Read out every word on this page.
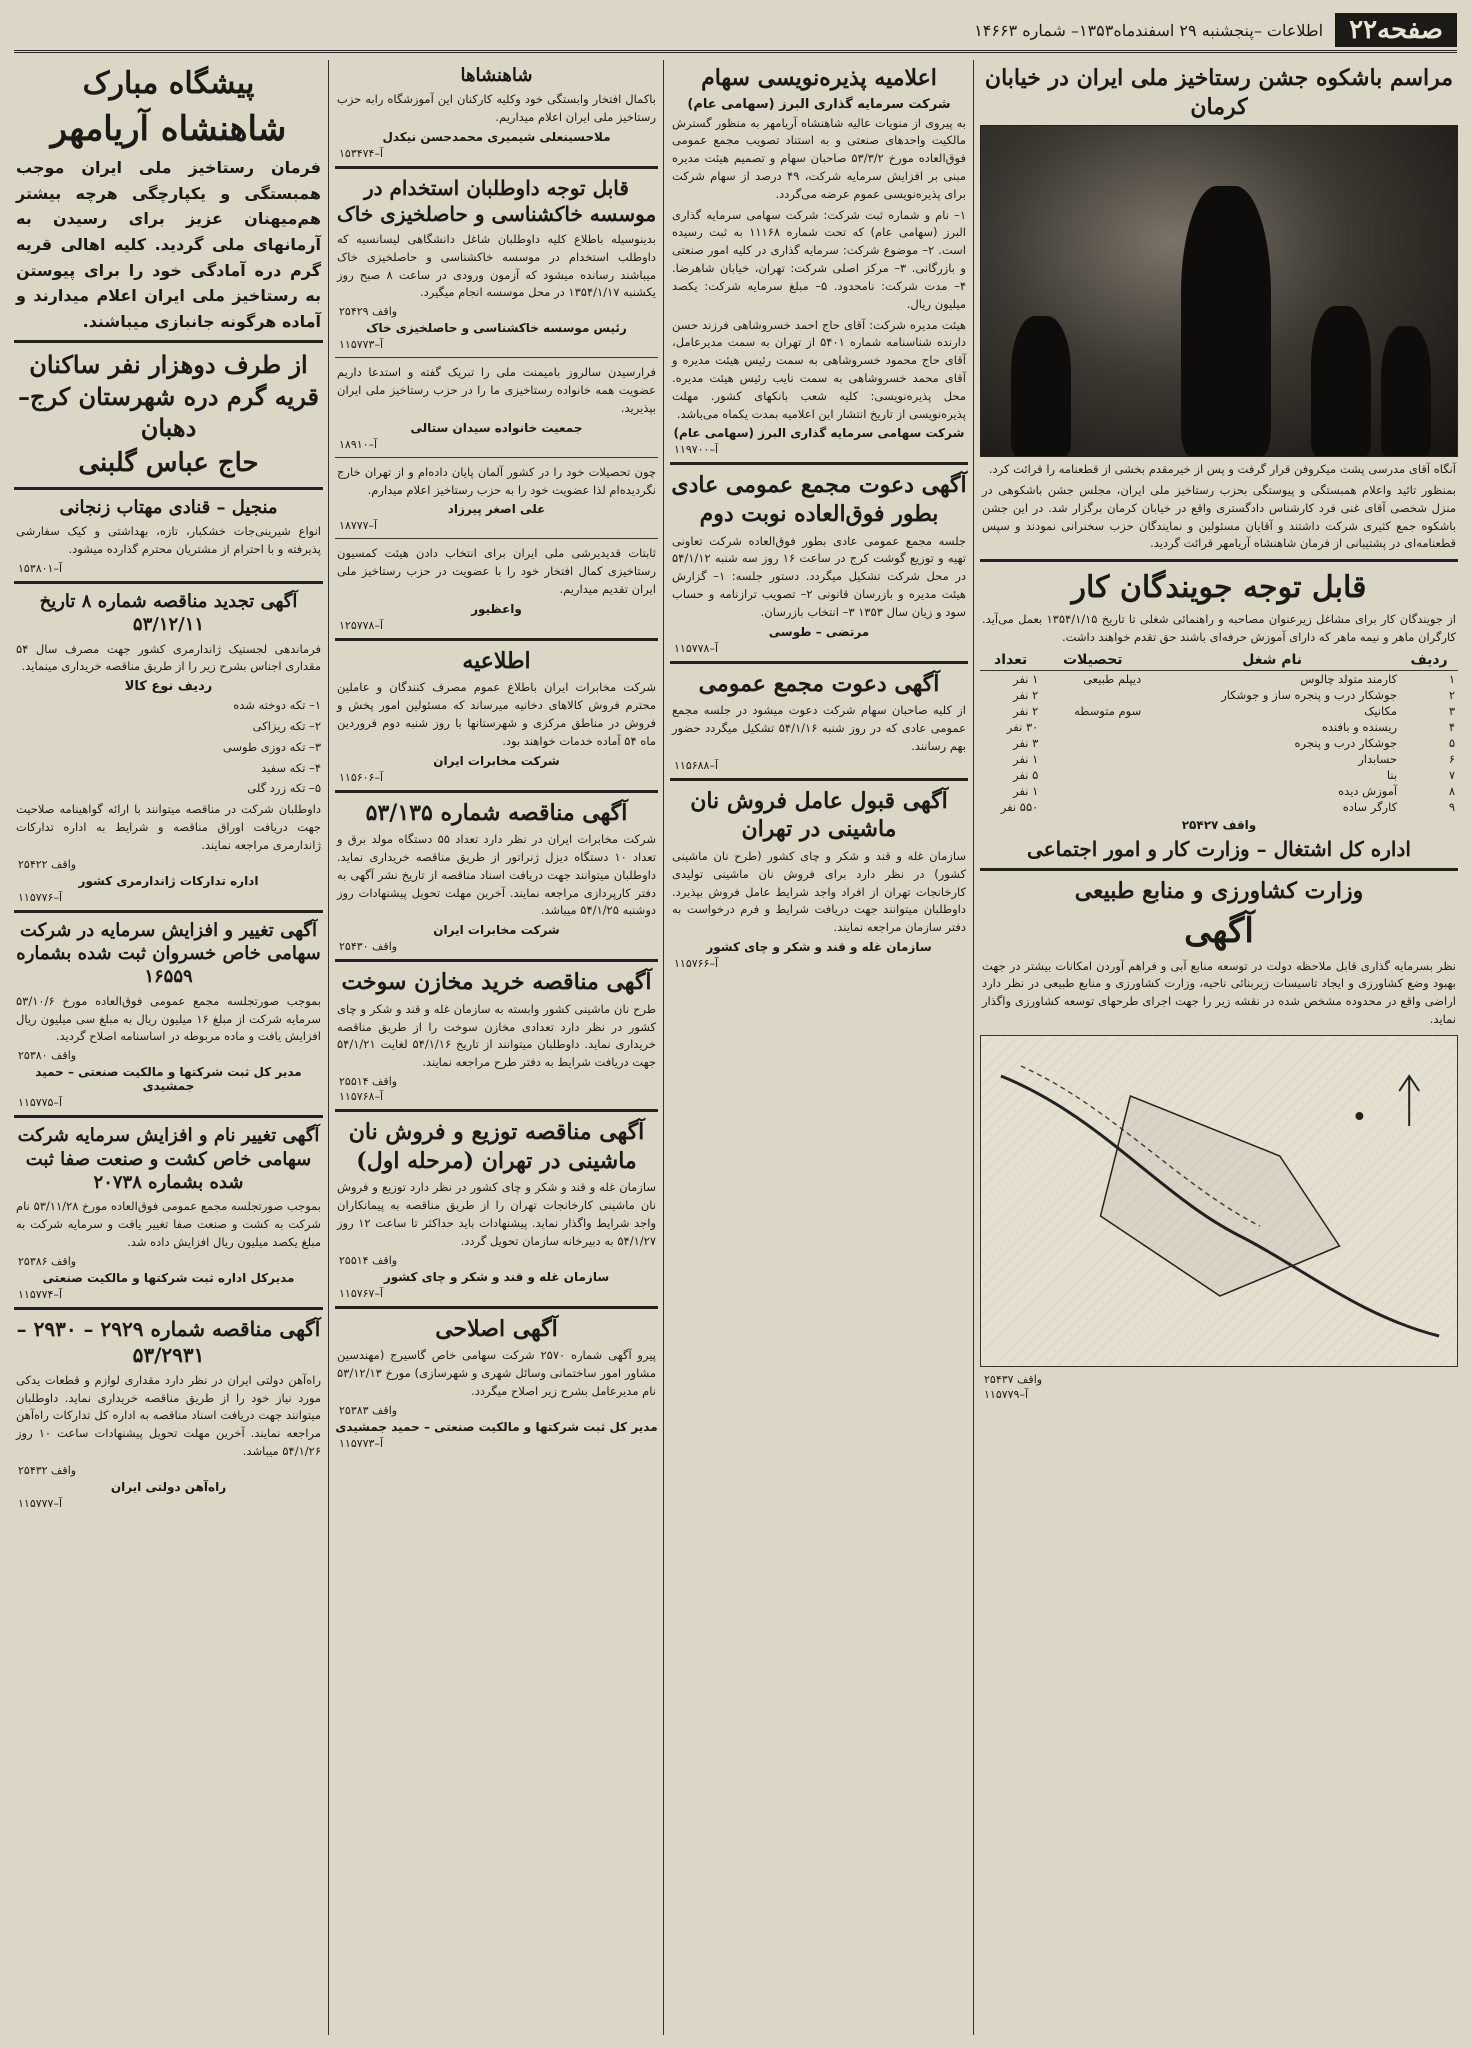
صفحه۲۲
اطلاعات –پنجشنبه ۲۹ اسفندماه۱۳۵۳– شماره ۱۴۶۶۳
مراسم باشکوه جشن رستاخیز ملی ایران در خیابان کرمان
آنگاه آقای مدرسی پشت میکروفن قرار گرفت و پس از خیرمقدم بخشی از قطعنامه را قرائت کرد.
بمنظور تائید واعلام همبستگی و پیوستگی بحزب رستاخیز ملی ایران، مجلس جشن باشکوهی در منزل شخصی آقای غنی فرد کارشناس دادگستری واقع در خیابان کرمان برگزار شد. در این جشن باشکوه جمع کثیری شرکت داشتند و آقایان مسئولین و نمایندگان حزب سخنرانی نمودند و سپس قطعنامه‌ای در پشتیبانی از فرمان شاهنشاه آریامهر قرائت گردید.
قابل توجه جویندگان کار
از جویندگان کار برای مشاغل زیرعنوان مصاحبه و راهنمائی شغلی تا تاریخ ۱۳۵۴/۱/۱۵ بعمل می‌آید. کارگران ماهر و نیمه ماهر که دارای آموزش حرفه‌ای باشند حق تقدم خواهند داشت.
ردیف	نام شغل	تحصیلات	تعداد
۱	کارمند متولد چالوس	دیپلم طبیعی	۱ نفر
۲	جوشکار درب و پنجره ساز و جوشکار		۲ نفر
۳	مکانیک	سوم متوسطه	۲ نفر
۴	ریسنده و بافنده		۳۰ نفر
۵	جوشکار درب و پنجره		۳ نفر
۶	حسابدار		۱ نفر
۷	بنا		۵ نفر
۸	آموزش دیده		۱ نفر
۹	کارگر ساده		۵۵۰ نفر
واقف ۲۵۴۲۷
اداره کل اشتغال – وزارت کار و امور اجتماعی
وزارت کشاورزی و منابع طبیعی
آگهی
نظر بسرمایه گذاری قابل ملاحظه دولت در توسعه منابع آبی و فراهم آوردن امکانات بیشتر در جهت بهبود وضع کشاورزی و ایجاد تاسیسات زیربنائی ناحیه، وزارت کشاورزی و منابع طبیعی در نظر دارد اراضی واقع در محدوده مشخص شده در نقشه زیر را جهت اجرای طرحهای توسعه کشاورزی واگذار نماید.
واقف ۲۵۴۳۷
آ–۱۱۵۷۷۹
اعلامیه پذیره‌نویسی سهام
شرکت سرمایه گذاری البرز (سهامی عام)
به پیروی از منویات عالیه شاهنشاه آریامهر به منظور گسترش مالکیت واحدهای صنعتی و به استناد تصویب مجمع عمومی فوق‌العاده مورخ ۵۳/۳/۲ صاحبان سهام و تصمیم هیئت مدیره مبنی بر افزایش سرمایه شرکت، ۴۹ درصد از سهام شرکت برای پذیره‌نویسی عموم عرضه می‌گردد.
۱– نام و شماره ثبت شرکت: شرکت سهامی سرمایه گذاری البرز (سهامی عام) که تحت شماره ۱۱۱۶۸ به ثبت رسیده است. ۲– موضوع شرکت: سرمایه گذاری در کلیه امور صنعتی و بازرگانی. ۳– مرکز اصلی شرکت: تهران، خیابان شاهرضا. ۴– مدت شرکت: نامحدود. ۵– مبلغ سرمایه شرکت: یکصد میلیون ریال.
هیئت مدیره شرکت: آقای حاج احمد خسروشاهی فرزند حسن دارنده شناسنامه شماره ۵۴۰۱ از تهران به سمت مدیرعامل، آقای حاج محمود خسروشاهی به سمت رئیس هیئت مدیره و آقای محمد خسروشاهی به سمت نایب رئیس هیئت مدیره. محل پذیره‌نویسی: کلیه شعب بانکهای کشور. مهلت پذیره‌نویسی از تاریخ انتشار این اعلامیه بمدت یکماه می‌باشد.
شرکت سهامی سرمایه گذاری البرز (سهامی عام)
آ–۱۱۹۷۰۰
آگهی دعوت مجمع عمومی عادی بطور فوق‌العاده نوبت دوم
جلسه مجمع عمومی عادی بطور فوق‌العاده شرکت تعاونی تهیه و توزیع گوشت کرج در ساعت ۱۶ روز سه شنبه ۵۴/۱/۱۲ در محل شرکت تشکیل میگردد. دستور جلسه: ۱– گزارش هیئت مدیره و بازرسان قانونی ۲– تصویب ترازنامه و حساب سود و زیان سال ۱۳۵۳ ۳– انتخاب بازرسان.
مرتضی – طوسی
آ–۱۱۵۷۷۸
آگهی دعوت مجمع عمومی
از کلیه صاحبان سهام شرکت دعوت میشود در جلسه مجمع عمومی عادی که در روز شنبه ۵۴/۱/۱۶ تشکیل میگردد حضور بهم رسانند.
آ–۱۱۵۶۸۸
آگهی قبول عامل فروش نان ماشینی در تهران
سازمان غله و قند و شکر و چای کشور (طرح نان ماشینی کشور) در نظر دارد برای فروش نان ماشینی تولیدی کارخانجات تهران از افراد واجد شرایط عامل فروش بپذیرد. داوطلبان میتوانند جهت دریافت شرایط و فرم درخواست به دفتر سازمان مراجعه نمایند.
سازمان غله و قند و شکر و چای کشور
آ–۱۱۵۷۶۶
شاهنشاها
باکمال افتخار وابستگی خود وکلیه کارکنان این آموزشگاه رابه حزب رستاخیز ملی ایران اعلام میداریم.
ملاحسینعلی شیمیری محمدحسن نیکدل
آ–۱۵۳۴۷۴
قابل توجه داوطلبان استخدام در موسسه خاکشناسی و حاصلخیزی خاک
بدینوسیله باطلاع کلیه داوطلبان شاغل دانشگاهی لیسانسیه که داوطلب استخدام در موسسه خاکشناسی و حاصلخیزی خاک میباشند رسانده میشود که آزمون ورودی در ساعت ۸ صبح روز یکشنبه ۱۳۵۴/۱/۱۷ در محل موسسه انجام میگیرد.
واقف ۲۵۴۲۹
رئیس موسسه خاکشناسی و حاصلخیزی خاک
آ–۱۱۵۷۷۳
فرارسیدن سالروز بامیمنت ملی را تبریک گفته و استدعا داریم عضویت همه خانواده رستاخیزی ما را در حزب رستاخیز ملی ایران بپذیرید.
جمعیت خانواده سیدان ستالی
آ–۱۸۹۱۰
چون تحصیلات خود را در کشور آلمان پایان داده‌ام و از تهران خارج نگردیده‌ام لذا عضویت خود را به حزب رستاخیز اعلام میدارم.
علی اصغر پیرزاد
آ–۱۸۷۷۷
ثابتات قدیدیرشی ملی ایران برای انتخاب دادن هیئت کمسیون رستاخیزی کمال افتخار خود را با عضویت در حزب رستاخیز ملی ایران تقدیم میداریم.
واعظیور
آ–۱۲۵۷۷۸
اطلاعیه
شرکت مخابرات ایران باطلاع عموم مصرف کنندگان و عاملین محترم فروش کالاهای دخانیه میرساند که مسئولین امور پخش و فروش در مناطق مرکزی و شهرستانها با روز شنبه دوم فروردین ماه ۵۴ آماده خدمات خواهند بود.
شرکت مخابرات ایران
آ–۱۱۵۶۰۶
آگهی مناقصه شماره ۵۳/۱۳۵
شرکت مخابرات ایران در نظر دارد تعداد ۵۵ دستگاه مولد برق و تعداد ۱۰ دستگاه دیزل ژنراتور از طریق مناقصه خریداری نماید. داوطلبان میتوانند جهت دریافت اسناد مناقصه از تاریخ نشر آگهی به دفتر کارپردازی مراجعه نمایند. آخرین مهلت تحویل پیشنهادات روز دوشنبه ۵۴/۱/۲۵ میباشد.
شرکت مخابرات ایران
واقف ۲۵۴۳۰
آگهی مناقصه خرید مخازن سوخت
طرح نان ماشینی کشور وابسته به سازمان غله و قند و شکر و چای کشور در نظر دارد تعدادی مخازن سوخت را از طریق مناقصه خریداری نماید. داوطلبان میتوانند از تاریخ ۵۴/۱/۱۶ لغایت ۵۴/۱/۲۱ جهت دریافت شرایط به دفتر طرح مراجعه نمایند.
واقف ۲۵۵۱۴
آ–۱۱۵۷۶۸
آگهی مناقصه توزیع و فروش نان ماشینی در تهران (مرحله اول)
سازمان غله و قند و شکر و چای کشور در نظر دارد توزیع و فروش نان ماشینی کارخانجات تهران را از طریق مناقصه به پیمانکاران واجد شرایط واگذار نماید. پیشنهادات باید حداکثر تا ساعت ۱۲ روز ۵۴/۱/۲۷ به دبیرخانه سازمان تحویل گردد.
واقف ۲۵۵۱۴
سازمان غله و قند و شکر و چای کشور
آ–۱۱۵۷۶۷
آگهی اصلاحی
پیرو آگهی شماره ۲۵۷۰ شرکت سهامی خاص گاسیرج (مهندسین مشاور امور ساختمانی وسائل شهری و شهرسازی) مورخ ۵۳/۱۲/۱۳ نام مدیرعامل بشرح زیر اصلاح میگردد.
واقف ۲۵۳۸۳
مدیر کل ثبت شرکتها و مالکیت صنعتی – حمید جمشیدی
آ–۱۱۵۷۷۳
پیشگاه مبارک
شاهنشاه آریامهر
فرمان رستاخیز ملی ایران موجب همبستگی و یکپارچگی هرچه بیشتر هم‌میهنان عزیز برای رسیدن به آرمانهای ملی گردید. کلیه اهالی قریه گرم دره آمادگی خود را برای پیوستن به رستاخیز ملی ایران اعلام میدارند و آماده هرگونه جانبازی میباشند.
از طرف دوهزار نفر ساکنان قریه گرم دره شهرستان کرج–دهبان
حاج عباس گلبنی
منجیل – قنادی مهتاب زنجانی
انواع شیرینی‌جات خشکبار، تازه، بهداشتی و کیک سفارشی پذیرفته و با احترام از مشتریان محترم گذارده میشود.
آ–۱۵۳۸۰۱
آگهی تجدید مناقصه شماره ۸ تاریخ ۵۳/۱۲/۱۱
فرماندهی لجستیک ژاندارمری کشور جهت مصرف سال ۵۴ مقداری اجناس بشرح زیر را از طریق مناقصه خریداری مینماید.
ردیف نوع کالا
۱– تکه دوخته شده
۲– تکه ریزاکی
۳– تکه دوزی طوسی
۴– تکه سفید
۵– تکه زرد گلی
داوطلبان شرکت در مناقصه میتوانند با ارائه گواهینامه صلاحیت جهت دریافت اوراق مناقصه و شرایط به اداره تدارکات ژاندارمری مراجعه نمایند.
واقف ۲۵۴۲۲
اداره تدارکات ژاندارمری کشور
آ–۱۱۵۷۷۶
آگهی تغییر و افزایش سرمایه در شرکت سهامی خاص خسروان ثبت شده بشماره ۱۶۵۵۹
بموجب صورتجلسه مجمع عمومی فوق‌العاده مورخ ۵۳/۱۰/۶ سرمایه شرکت از مبلغ ۱۶ میلیون ریال به مبلغ سی میلیون ریال افزایش یافت و ماده مربوطه در اساسنامه اصلاح گردید.
واقف ۲۵۳۸۰
مدیر کل ثبت شرکتها و مالکیت صنعتی – حمید جمشیدی
آ–۱۱۵۷۷۵
آگهی تغییر نام و افزایش سرمایه شرکت سهامی خاص کشت و صنعت صفا ثبت شده بشماره ۲۰۷۳۸
بموجب صورتجلسه مجمع عمومی فوق‌العاده مورخ ۵۳/۱۱/۲۸ نام شرکت به کشت و صنعت صفا تغییر یافت و سرمایه شرکت به مبلغ یکصد میلیون ریال افزایش داده شد.
واقف ۲۵۳۸۶
مدیرکل اداره ثبت شرکتها و مالکیت صنعتی
آ–۱۱۵۷۷۴
آگهی مناقصه شماره ۲۹۲۹ – ۲۹۳۰ – ۵۳/۲۹۳۱
راه‌آهن دولتی ایران در نظر دارد مقداری لوازم و قطعات یدکی مورد نیاز خود را از طریق مناقصه خریداری نماید. داوطلبان میتوانند جهت دریافت اسناد مناقصه به اداره کل تدارکات راه‌آهن مراجعه نمایند. آخرین مهلت تحویل پیشنهادات ساعت ۱۰ روز ۵۴/۱/۲۶ میباشد.
واقف ۲۵۴۳۲
راه‌آهن دولتی ایران
آ–۱۱۵۷۷۷
